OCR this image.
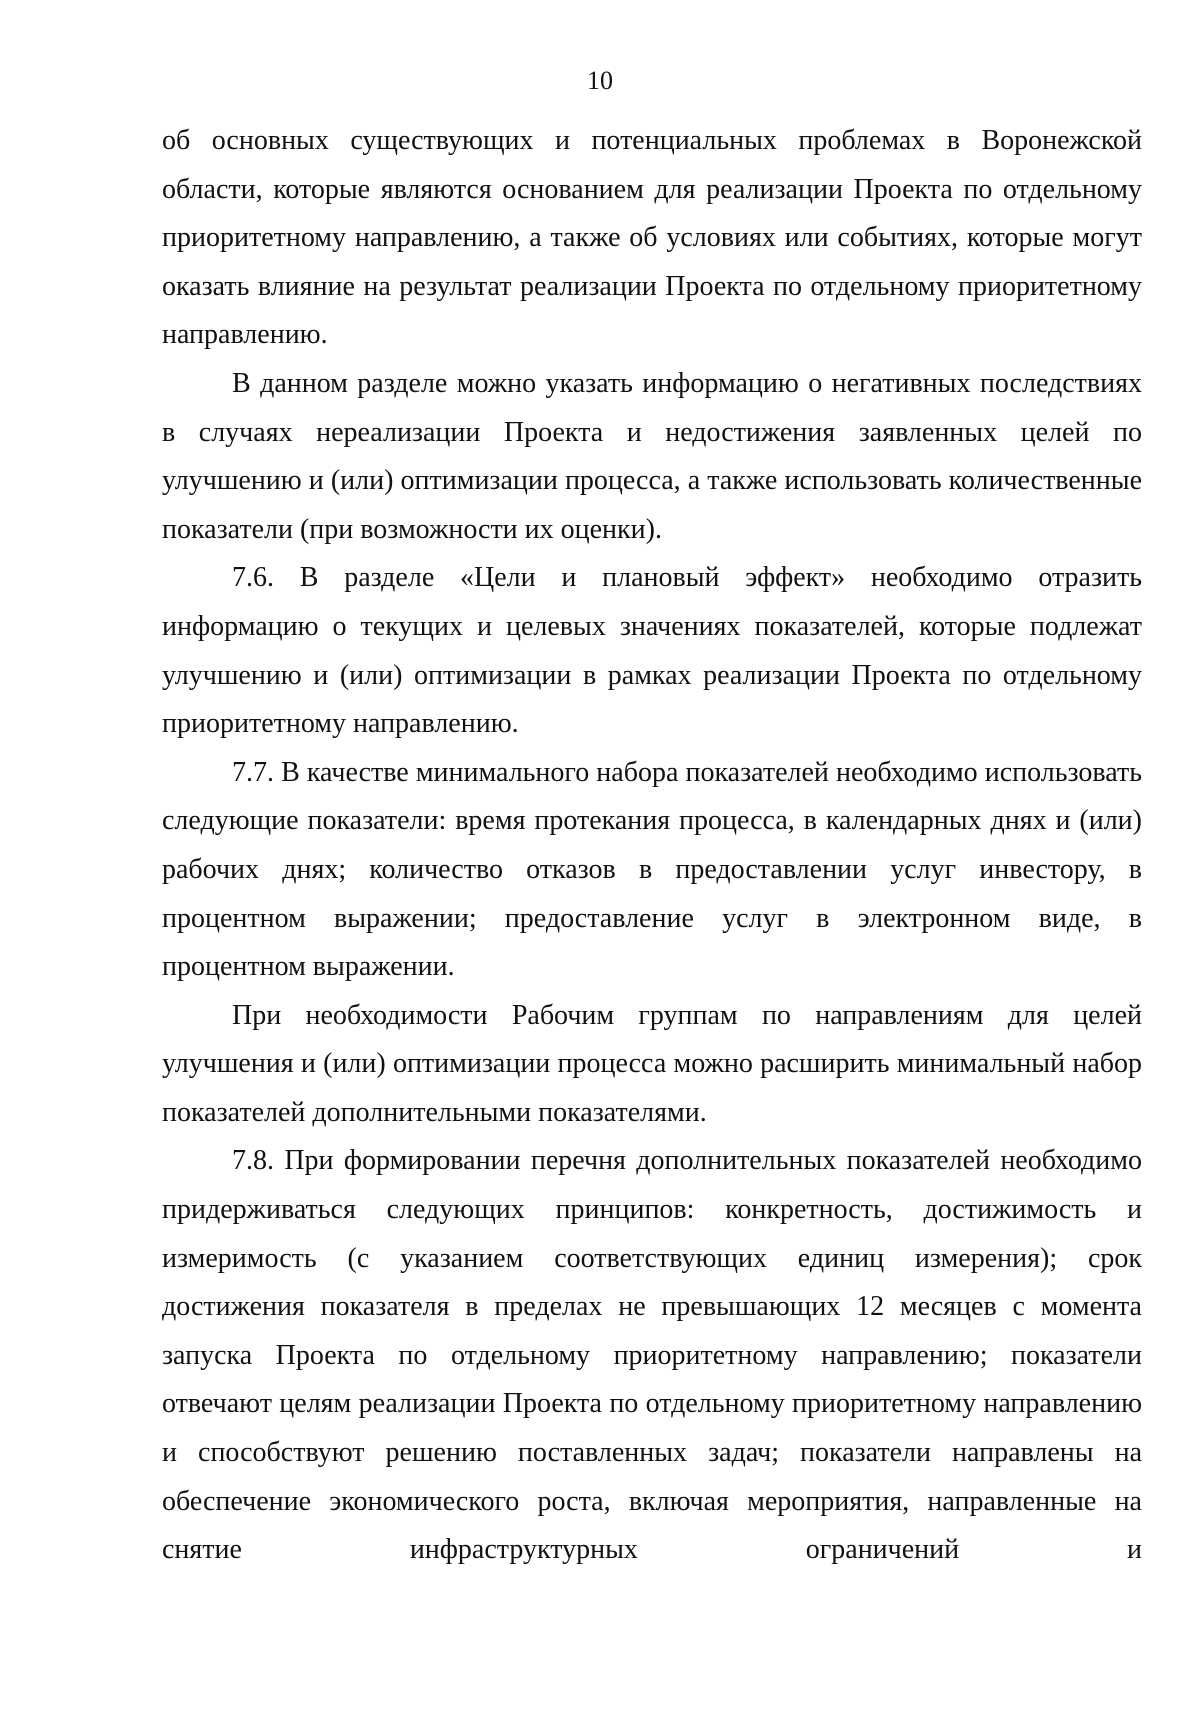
10

об основных существующих и потенциальных проблемах в Воронежской области, которые являются основанием для реализации Проекта по отдельному приоритетному направлению, а также об условиях или событиях, которые могут оказать влияние на результат реализации Проекта по отдельному приоритетному направлению.

В данном разделе можно указать информацию о негативных последствиях в случаях нереализации Проекта и недостижения заявленных целей по улучшению и (или) оптимизации процесса, а также использовать количественные показатели (при возможности их оценки).

7.6. В разделе «Цели и плановый эффект» необходимо отразить информацию о текущих и целевых значениях показателей, которые подлежат улучшению и (или) оптимизации в рамках реализации Проекта по отдельному приоритетному направлению.

7.7. В качестве минимального набора показателей необходимо использовать следующие показатели: время протекания процесса, в календарных днях и (или) рабочих днях; количество отказов в предоставлении услуг инвестору, в процентном выражении; предоставление услуг в электронном виде, в процентном выражении.

При необходимости Рабочим группам по направлениям для целей улучшения и (или) оптимизации процесса можно расширить минимальный набор показателей дополнительными показателями.

7.8. При формировании перечня дополнительных показателей необходимо придерживаться следующих принципов: конкретность, достижимость и измеримость (с указанием соответствующих единиц измерения); срок достижения показателя в пределах не превышающих 12 месяцев с момента запуска Проекта по отдельному приоритетному направлению; показатели отвечают целям реализации Проекта по отдельному приоритетному направлению и способствуют решению поставленных задач; показатели направлены на обеспечение экономического роста, включая мероприятия, направленные на снятие инфраструктурных ограничений и
